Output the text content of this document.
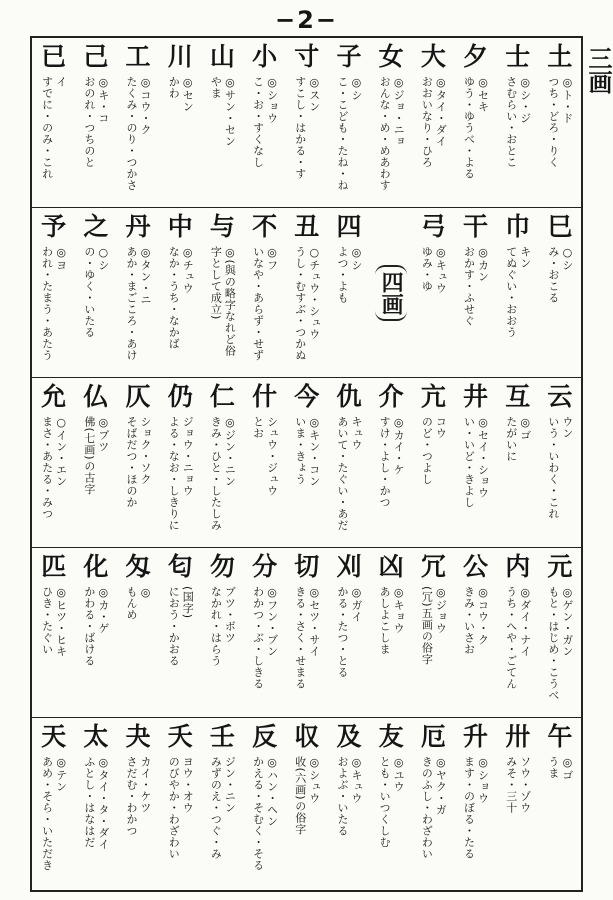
−2−
三画
土
◎ト・ド
つち・どろ・りく
士
◎シ・ジ
さむらい・おとこ
夕
◎セキ
ゆう・ゆうべ・よる
大
◎タイ・ダイ
おおいなり・ひろ
女
◎ジョ・ニョ
おんな・め・めあわす
子
◎シ
こ・こども・たね・ね
寸
◎スン
すこし・はかる・す
小
◎ショウ
こ・お・すくなし
山
◎サン・セン
やま
川
◎セン
かわ
工
◎コウ・ク
たくみ・のり・つかさ
己
◎キ・コ
おのれ・つちのと
已
イ
すでに・のみ・これ
巳
○シ
み・おこる
巾
キン
てぬぐい・おおう
干
◎カン
おかす・ふせぐ
弓
◎キュウ
ゆみ・ゆ
四画
四
◎シ
よつ・よも
丑
○チュウ・シュウ
うし・むすぶ・つかぬ
不
◎フ
いなや・あらず・せず
与
◎(與の略字なれど俗
字として成立)
中
◎チュウ
なか・うち・なかば
丹
◎タン・ニ
あか・まごころ・あけ
之
○シ
の・ゆく・いたる
予
◎ヨ
われ・たまう・あたう
云
ウン
いう・いわく・これ
互
◎ゴ
たがいに
井
◎セイ・ショウ
い・いど・きよし
亢
コウ
のど・つよし
介
◎カイ・ケ
すけ・よし・かつ
仇
キュウ
あいて・たぐい・あだ
今
◎キン・コン
いま・きょう
什
シュウ・ジュウ
とお
仁
◎ジン・ニン
きみ・ひと・したしみ
仍
ジョウ・ニョウ
よる・なお・しきりに
仄
ショク・ソク
そばだつ・ほのか
仏
◎ブツ
佛(七画)の古字
允
○イン・エン
まさ・あたる・みつ
元
◎ゲン・ガン
もと・はじめ・こうべ
内
◎ダイ・ナイ
うち・へや・ごてん
公
◎コウ・ク
きみ・いさお
冗
◎ジョウ
(冗)五画の俗字
凶
◎キョウ
あしよこしま
刈
◎ガイ
かる・たつ・とる
切
◎セツ・サイ
きる・さく・せまる
分
◎フン・ブン
わかつ・ぶ・しきる
勿
ブツ・ボツ
なかれ・はらう
匂
(国字)
におう・かおる
匁
◎
もんめ
化
◎カ・ゲ
かわる・ばける
匹
◎ヒツ・ヒキ
ひき・たぐい
午
◎ゴ
うま
卅
ソウ・ゾウ
みそ・三十
升
◎ショウ
ます・のぼる・たる
厄
◎ヤク・ガ
きのふし・わざわい
友
◎ユウ
とも・いつくしむ
及
◎キュウ
およぶ・いたる
収
◎シュウ
收(六画)の俗字
反
◎ハン・ヘン
かえる・そむく・そる
壬
ジン・ニン
みずのえ・つぐ・み
夭
ヨウ・オウ
のびやか・わざわい
夬
カイ・ケツ
さだむ・わかつ
太
◎タイ・タ・ダイ
ふとし・はなはだ
天
◎テン
あめ・そら・いただき
